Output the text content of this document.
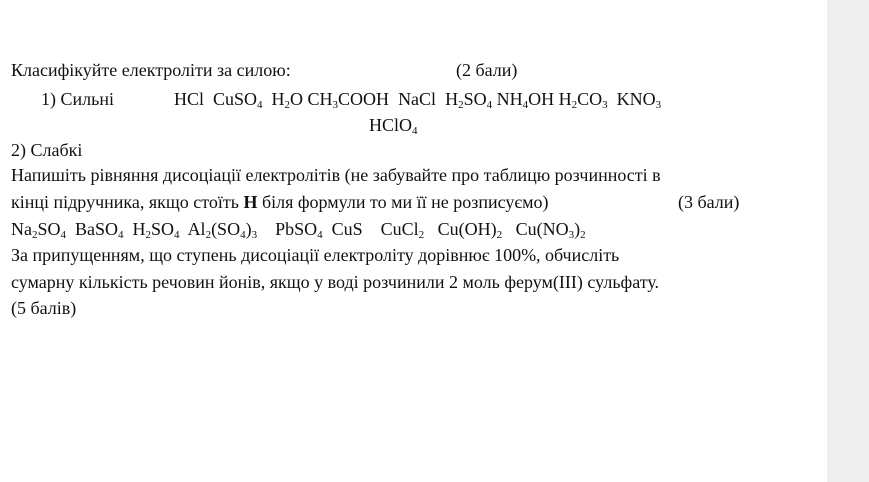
Класифікуйте електроліти за силою:	(2 бали)
1) Сильні	HCl CuSO$_4$ $H_2O$ $CH_3COOH$ NaCl $H_2SO_4$ $NH_4OH$ $H_2CO_3$ $KNO_3$
HClO$_4$
2) Слабкі
Напишіть рівняння дисоціації електролітів (не забувайте про таблицю розчинності в
кінці підручника, якщо стоїть Н біля формули то ми її не розписуємо)	(3 бали)
$Na_2SO_4$ BaSO$_4$ $H_2SO_4$ $Al_2(SO_4)_3$ PbSO$_4$ CuS CuCl$_2$ $Cu(OH)_2$ $Cu(NO_3)_2$
За припущенням, що ступень дисоціації електроліту дорівнює 100%, обчисліть
сумарну кількість речовин йонів, якщо у воді розчинили 2 моль ферум(ІІІ) сульфату.
(5 балів)
